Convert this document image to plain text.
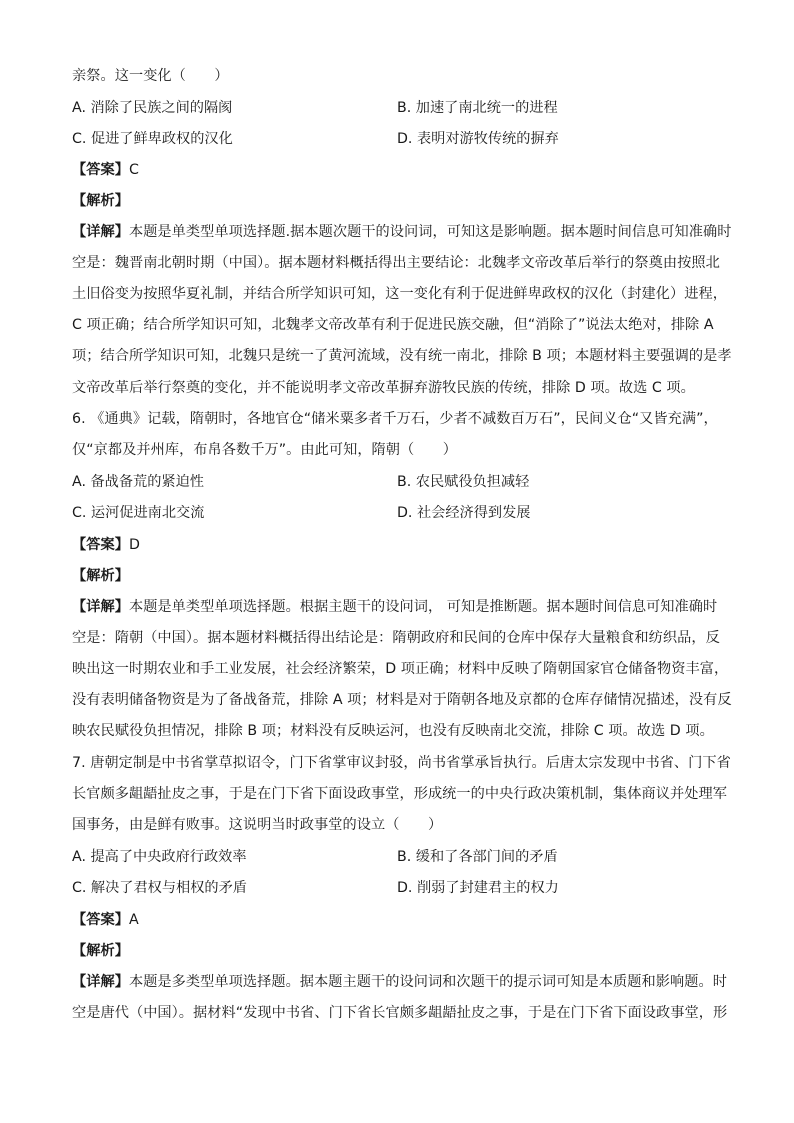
亲祭。这一变化（　　）
A. 消除了民族之间的隔阂	B. 加速了南北统一的进程
C. 促进了鲜卑政权的汉化	D. 表明对游牧传统的摒弃
【答案】C
【解析】
【详解】本题是单类型单项选择题.据本题次题干的设问词，可知这是影响题。据本题时间信息可知准确时
空是：魏晋南北朝时期（中国）。据本题材料概括得出主要结论：北魏孝文帝改革后举行的祭奠由按照北
土旧俗变为按照华夏礼制，并结合所学知识可知，这一变化有利于促进鲜卑政权的汉化（封建化）进程，
C 项正确；结合所学知识可知，北魏孝文帝改革有利于促进民族交融，但“消除了”说法太绝对，排除 A
项；结合所学知识可知，北魏只是统一了黄河流域，没有统一南北，排除 B 项；本题材料主要强调的是孝
文帝改革后举行祭奠的变化，并不能说明孝文帝改革摒弃游牧民族的传统，排除 D 项。故选 C 项。
6. 《通典》记载，隋朝时，各地官仓“储米粟多者千万石，少者不减数百万石”，民间义仓“又皆充满”，
仅“京都及并州库，布帛各数千万”。由此可知，隋朝（　　）
A. 备战备荒的紧迫性	B. 农民赋役负担减轻
C. 运河促进南北交流	D. 社会经济得到发展
【答案】D
【解析】
【详解】本题是单类型单项选择题。根据主题干的设问词， 可知是推断题。据本题时间信息可知准确时
空是：隋朝（中国）。据本题材料概括得出结论是：隋朝政府和民间的仓库中保存大量粮食和纺织品，反
映出这一时期农业和手工业发展，社会经济繁荣，D 项正确；材料中反映了隋朝国家官仓储备物资丰富，
没有表明储备物资是为了备战备荒，排除 A 项；材料是对于隋朝各地及京都的仓库存储情况描述，没有反
映农民赋役负担情况，排除 B 项；材料没有反映运河，也没有反映南北交流，排除 C 项。故选 D 项。
7. 唐朝定制是中书省掌草拟诏令，门下省掌审议封驳，尚书省掌承旨执行。后唐太宗发现中书省、门下省
长官颇多龃龉扯皮之事，于是在门下省下面设政事堂，形成统一的中央行政决策机制，集体商议并处理军
国事务，由是鲜有败事。这说明当时政事堂的设立（　　）
A. 提高了中央政府行政效率	B. 缓和了各部门间的矛盾
C. 解决了君权与相权的矛盾	D. 削弱了封建君主的权力
【答案】A
【解析】
【详解】本题是多类型单项选择题。据本题主题干的设问词和次题干的提示词可知是本质题和影响题。时
空是唐代（中国）。据材料“发现中书省、门下省长官颇多龃龉扯皮之事，于是在门下省下面设政事堂，形
